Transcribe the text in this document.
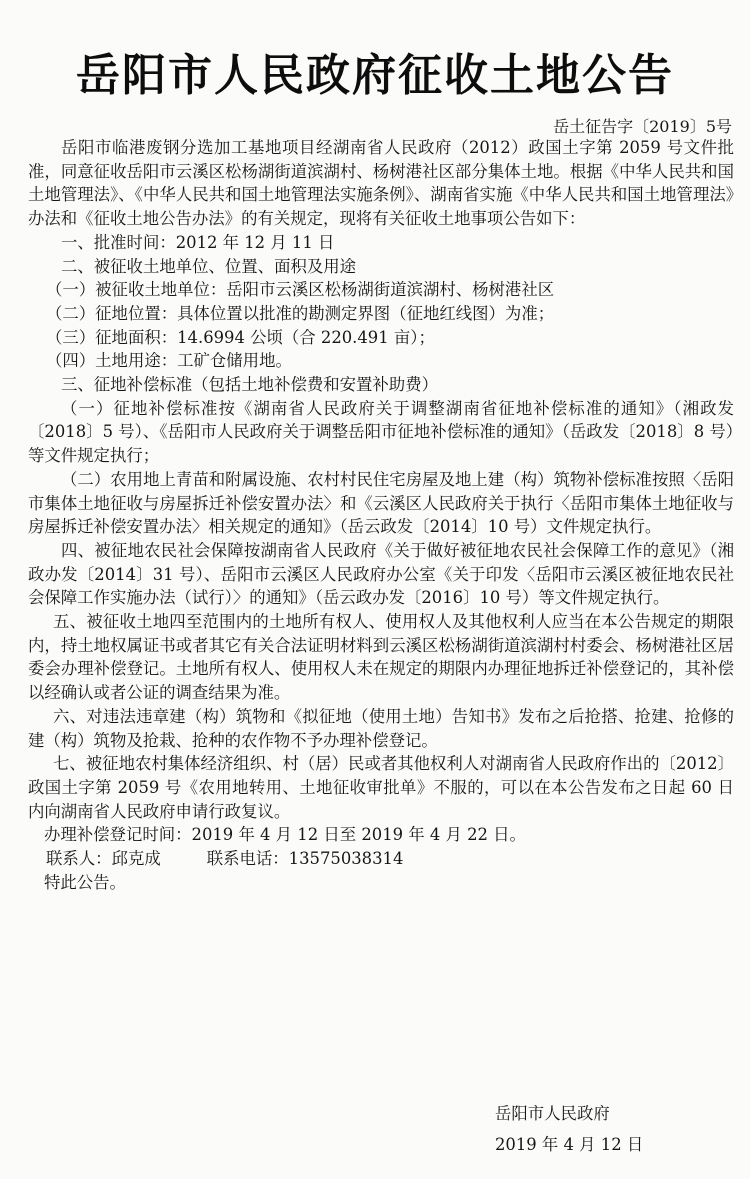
岳阳市人民政府征收土地公告
岳土征告字〔2019〕5号

岳阳市临港废钢分选加工基地项目经湖南省人民政府（2012）政国土字第 2059 号文件批准，同意征收岳阳市云溪区松杨湖街道滨湖村、杨树港社区部分集体土地。根据《中华人民共和国土地管理法》、《中华人民共和国土地管理法实施条例》、湖南省实施《中华人民共和国土地管理法》办法和《征收土地公告办法》的有关规定，现将有关征收土地事项公告如下：

一、批准时间：2012 年 12 月 11 日

二、被征收土地单位、位置、面积及用途

（一）被征收土地单位：岳阳市云溪区松杨湖街道滨湖村、杨树港社区

（二）征地位置：具体位置以批准的勘测定界图（征地红线图）为准；

（三）征地面积：14.6994 公顷（合 220.491 亩）；

（四）土地用途：工矿仓储用地。

三、征地补偿标准（包括土地补偿费和安置补助费）

（一）征地补偿标准按《湖南省人民政府关于调整湖南省征地补偿标准的通知》（湘政发〔2018〕5 号）、《岳阳市人民政府关于调整岳阳市征地补偿标准的通知》（岳政发〔2018〕8 号）等文件规定执行；

（二）农用地上青苗和附属设施、农村村民住宅房屋及地上建（构）筑物补偿标准按照〈岳阳市集体土地征收与房屋拆迁补偿安置办法〉和《云溪区人民政府关于执行〈岳阳市集体土地征收与房屋拆迁补偿安置办法〉相关规定的通知》（岳云政发〔2014〕10 号）文件规定执行。

四、被征地农民社会保障按湖南省人民政府《关于做好被征地农民社会保障工作的意见》（湘政办发〔2014〕31 号）、岳阳市云溪区人民政府办公室《关于印发〈岳阳市云溪区被征地农民社会保障工作实施办法（试行）〉的通知》（岳云政办发〔2016〕10 号）等文件规定执行。

五、被征收土地四至范围内的土地所有权人、使用权人及其他权利人应当在本公告规定的期限内，持土地权属证书或者其它有关合法证明材料到云溪区松杨湖街道滨湖村村委会、杨树港社区居委会办理补偿登记。土地所有权人、使用权人未在规定的期限内办理征地拆迁补偿登记的，其补偿以经确认或者公证的调查结果为准。

六、对违法违章建（构）筑物和《拟征地（使用土地）告知书》发布之后抢搭、抢建、抢修的建（构）筑物及抢栽、抢种的农作物不予办理补偿登记。

七、被征地农村集体经济组织、村（居）民或者其他权利人对湖南省人民政府作出的〔2012〕政国土字第 2059 号《农用地转用、土地征收审批单》不服的，可以在本公告发布之日起 60 日内向湖南省人民政府申请行政复议。

办理补偿登记时间：2019 年 4 月 12 日至 2019 年 4 月 22 日。

联系人：邱克成	联系电话：13575038314

特此公告。

岳阳市人民政府
2019 年 4 月 12 日
